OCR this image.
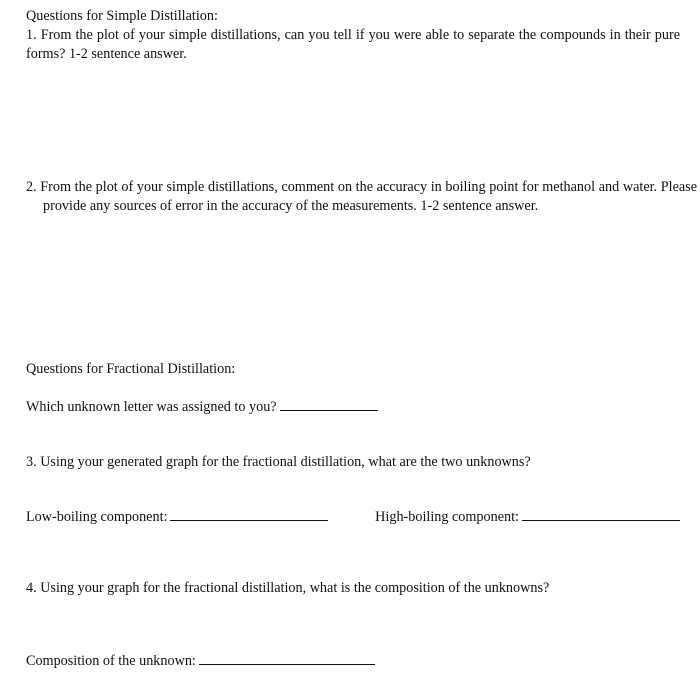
Questions for Simple Distillation:
1. From the plot of your simple distillations, can you tell if you were able to separate the compounds in their pure forms? 1-2 sentence answer.
2. From the plot of your simple distillations, comment on the accuracy in boiling point for methanol and water. Please provide any sources of error in the accuracy of the measurements. 1-2 sentence answer.
Questions for Fractional Distillation:
Which unknown letter was assigned to you?
3. Using your generated graph for the fractional distillation, what are the two unknowns?
Low-boiling component:	High-boiling component:
4. Using your graph for the fractional distillation, what is the composition of the unknowns?
Composition of the unknown:
